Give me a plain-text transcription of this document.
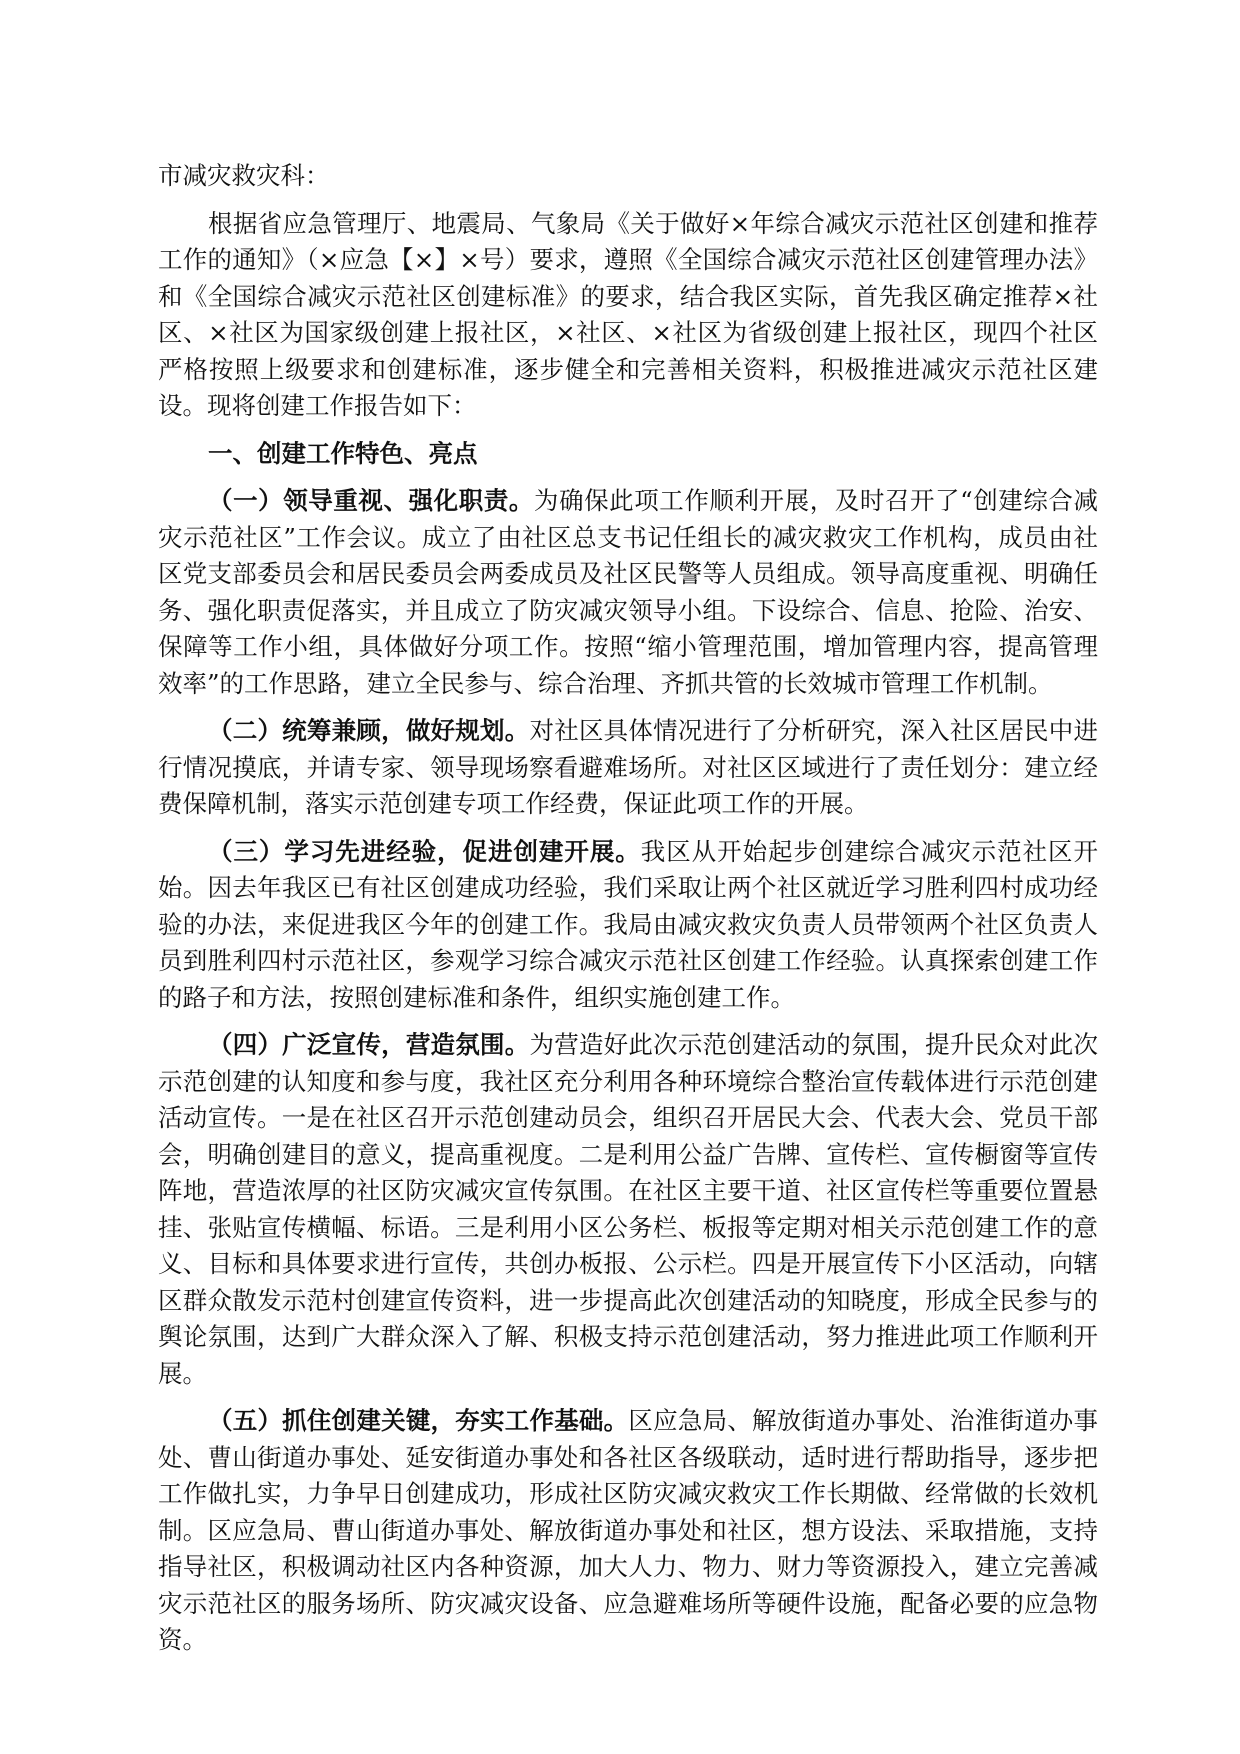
市减灾救灾科：

根据省应急管理厅、地震局、气象局《关于做好×年综合减灾示范社区创建和推荐工作的通知》（×应急【×】×号）要求，遵照《全国综合减灾示范社区创建管理办法》和《全国综合减灾示范社区创建标准》的要求，结合我区实际，首先我区确定推荐×社区、×社区为国家级创建上报社区，×社区、×社区为省级创建上报社区，现四个社区严格按照上级要求和创建标准，逐步健全和完善相关资料，积极推进减灾示范社区建设。现将创建工作报告如下：

一、创建工作特色、亮点

（一）领导重视、强化职责。为确保此项工作顺利开展，及时召开了“创建综合减灾示范社区”工作会议。成立了由社区总支书记任组长的减灾救灾工作机构，成员由社区党支部委员会和居民委员会两委成员及社区民警等人员组成。领导高度重视、明确任务、强化职责促落实，并且成立了防灾减灾领导小组。下设综合、信息、抢险、治安、保障等工作小组，具体做好分项工作。按照“缩小管理范围，增加管理内容，提高管理效率”的工作思路，建立全民参与、综合治理、齐抓共管的长效城市管理工作机制。

（二）统筹兼顾，做好规划。对社区具体情况进行了分析研究，深入社区居民中进行情况摸底，并请专家、领导现场察看避难场所。对社区区域进行了责任划分：建立经费保障机制，落实示范创建专项工作经费，保证此项工作的开展。

（三）学习先进经验，促进创建开展。我区从开始起步创建综合减灾示范社区开始。因去年我区已有社区创建成功经验，我们采取让两个社区就近学习胜利四村成功经验的办法，来促进我区今年的创建工作。我局由减灾救灾负责人员带领两个社区负责人员到胜利四村示范社区，参观学习综合减灾示范社区创建工作经验。认真探索创建工作的路子和方法，按照创建标准和条件，组织实施创建工作。

（四）广泛宣传，营造氛围。为营造好此次示范创建活动的氛围，提升民众对此次示范创建的认知度和参与度，我社区充分利用各种环境综合整治宣传载体进行示范创建活动宣传。一是在社区召开示范创建动员会，组织召开居民大会、代表大会、党员干部会，明确创建目的意义，提高重视度。二是利用公益广告牌、宣传栏、宣传橱窗等宣传阵地，营造浓厚的社区防灾减灾宣传氛围。在社区主要干道、社区宣传栏等重要位置悬挂、张贴宣传横幅、标语。三是利用小区公务栏、板报等定期对相关示范创建工作的意义、目标和具体要求进行宣传，共创办板报、公示栏。四是开展宣传下小区活动，向辖区群众散发示范村创建宣传资料，进一步提高此次创建活动的知晓度，形成全民参与的舆论氛围，达到广大群众深入了解、积极支持示范创建活动，努力推进此项工作顺利开展。

（五）抓住创建关键，夯实工作基础。区应急局、解放街道办事处、治淮街道办事处、曹山街道办事处、延安街道办事处和各社区各级联动，适时进行帮助指导，逐步把工作做扎实，力争早日创建成功，形成社区防灾减灾救灾工作长期做、经常做的长效机制。区应急局、曹山街道办事处、解放街道办事处和社区，想方设法、采取措施，支持指导社区，积极调动社区内各种资源，加大人力、物力、财力等资源投入，建立完善减灾示范社区的服务场所、防灾减灾设备、应急避难场所等硬件设施，配备必要的应急物资。
